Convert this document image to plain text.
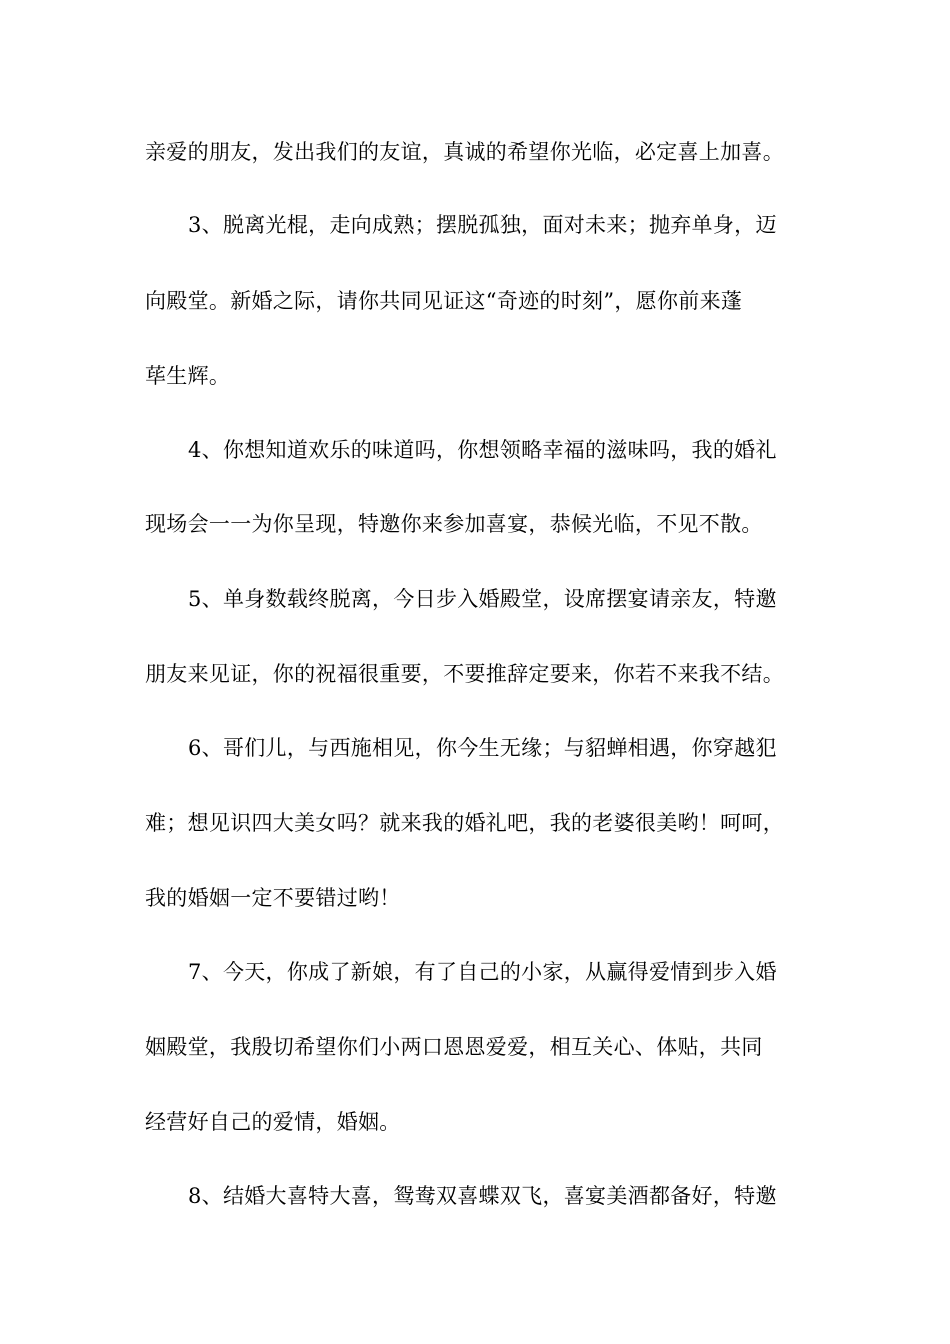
亲爱的朋友，发出我们的友谊，真诚的希望你光临，必定喜上加喜。
3、脱离光棍，走向成熟；摆脱孤独，面对未来；抛弃单身，迈
向殿堂。新婚之际，请你共同见证这“奇迹的时刻”，愿你前来蓬
荜生辉。
4、你想知道欢乐的味道吗，你想领略幸福的滋味吗，我的婚礼
现场会一一为你呈现，特邀你来参加喜宴，恭候光临，不见不散。
5、单身数载终脱离，今日步入婚殿堂，设席摆宴请亲友，特邀
朋友来见证，你的祝福很重要，不要推辞定要来，你若不来我不结。
6、哥们儿，与西施相见，你今生无缘；与貂蝉相遇，你穿越犯
难；想见识四大美女吗？就来我的婚礼吧，我的老婆很美哟！呵呵，
我的婚姻一定不要错过哟！
7、今天，你成了新娘，有了自己的小家，从赢得爱情到步入婚
姻殿堂，我殷切希望你们小两口恩恩爱爱，相互关心、体贴，共同
经营好自己的爱情，婚姻。
8、结婚大喜特大喜，鸳鸯双喜蝶双飞，喜宴美酒都备好，特邀
